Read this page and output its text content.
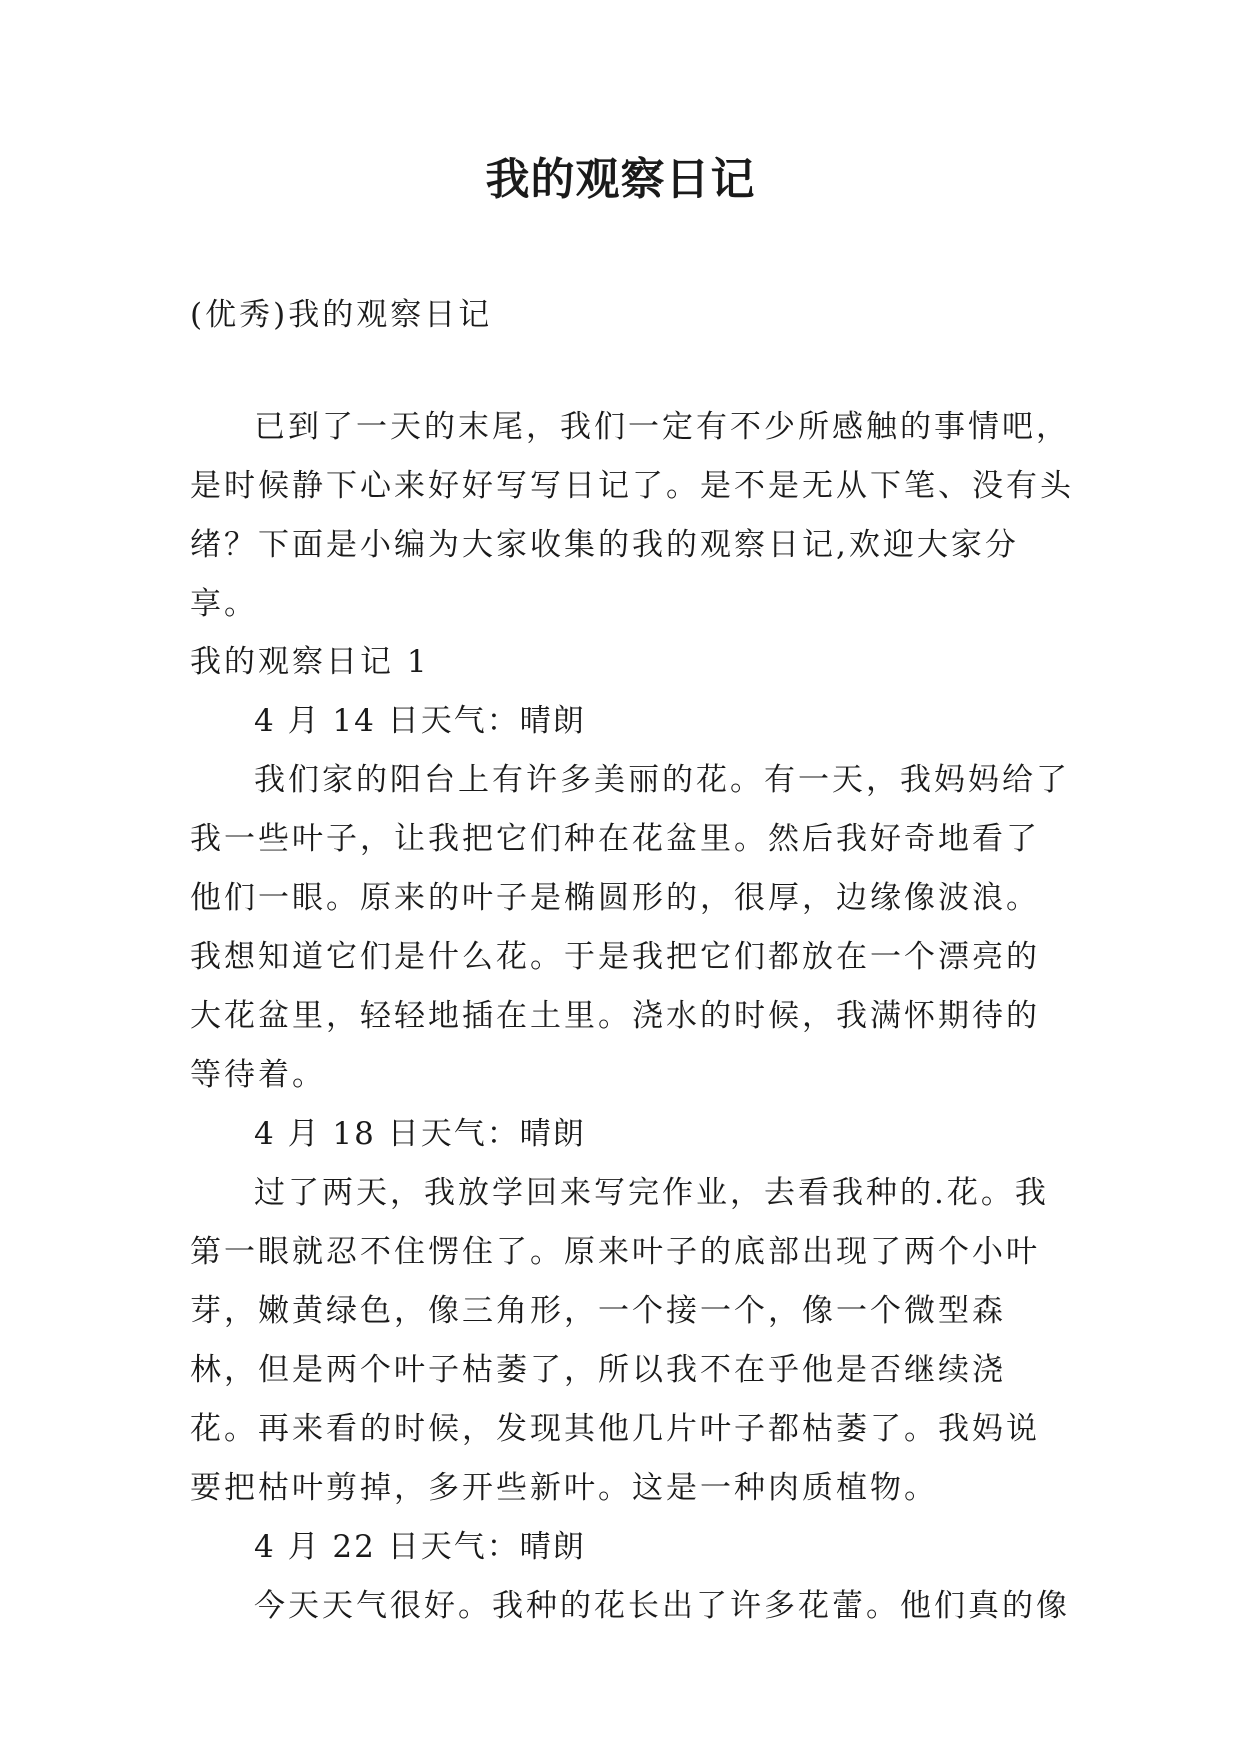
我的观察日记
(优秀)我的观察日记

已到了一天的末尾，我们一定有不少所感触的事情吧，是时候静下心来好好写写日记了。是不是无从下笔、没有头绪？下面是小编为大家收集的我的观察日记,欢迎大家分享。

我的观察日记 1

4 月 14 日天气：晴朗

我们家的阳台上有许多美丽的花。有一天，我妈妈给了我一些叶子，让我把它们种在花盆里。然后我好奇地看了他们一眼。原来的叶子是椭圆形的，很厚，边缘像波浪。我想知道它们是什么花。于是我把它们都放在一个漂亮的大花盆里，轻轻地插在土里。浇水的时候，我满怀期待的等待着。

4 月 18 日天气：晴朗

过了两天，我放学回来写完作业，去看我种的.花。我第一眼就忍不住愣住了。原来叶子的底部出现了两个小叶芽，嫩黄绿色，像三角形，一个接一个，像一个微型森林，但是两个叶子枯萎了，所以我不在乎他是否继续浇花。再来看的时候，发现其他几片叶子都枯萎了。我妈说要把枯叶剪掉，多开些新叶。这是一种肉质植物。

4 月 22 日天气：晴朗

今天天气很好。我种的花长出了许多花蕾。他们真的像
